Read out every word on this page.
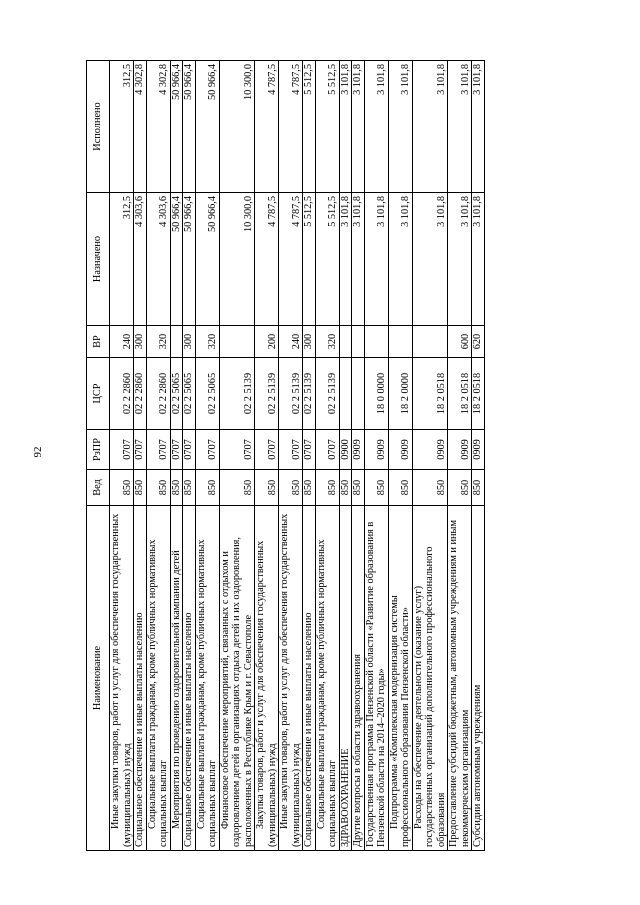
92
Наименование	Вед	РзПР	ЦСР	ВР	Назначено	Исполнено
Иные закупки товаров, работ и услуг для обеспечения государственных (муниципальных) нужд	850	0707	02 2 2860	240	312,5	312,5
Социальное обеспечение и иные выплаты населению	850	0707	02 2 2860	300	4 303,6	4 302,8
Социальные выплаты гражданам, кроме публичных нормативных социальных выплат	850	0707	02 2 2860	320	4 303,6	4 302,8
Мероприятия по проведению оздоровительной кампании детей	850	0707	02 2 5065		50 966,4	50 966,4
Социальное обеспечение и иные выплаты населению	850	0707	02 2 5065	300	50 966,4	50 966,4
Социальные выплаты гражданам, кроме публичных нормативных социальных выплат	850	0707	02 2 5065	320	50 966,4	50 966,4
Финансовое обеспечение мероприятий, связанных с отдыхом и оздоровлением детей в организациях отдыха детей и их оздоровления, расположенных в Республике Крым и г. Севастополе	850	0707	02 2 5139		10 300,0	10 300,0
Закупка товаров, работ и услуг для обеспечения государственных (муниципальных) нужд	850	0707	02 2 5139	200	4 787,5	4 787,5
Иные закупки товаров, работ и услуг для обеспечения государственных (муниципальных) нужд	850	0707	02 2 5139	240	4 787,5	4 787,5
Социальное обеспечение и иные выплаты населению	850	0707	02 2 5139	300	5 512,5	5 512,5
Социальные выплаты гражданам, кроме публичных нормативных социальных выплат	850	0707	02 2 5139	320	5 512,5	5 512,5
ЗДРАВООХРАНЕНИЕ	850	0900			3 101,8	3 101,8
Другие вопросы в области здравоохранения	850	0909			3 101,8	3 101,8
Государственная программа Пензенской области «Развитие образования в Пензенской области на 2014–2020 годы»	850	0909	18 0 0000		3 101,8	3 101,8
Подпрограмма «Комплексная модернизация системы профессионального образования Пензенской области»	850	0909	18 2 0000		3 101,8	3 101,8
Расходы на обеспечение деятельности (оказание услуг) государственных организаций дополнительного профессионального образования	850	0909	18 2 0518		3 101,8	3 101,8
Предоставление субсидий бюджетным, автономным учреждениям и иным некоммерческим организациям	850	0909	18 2 0518	600	3 101,8	3 101,8
Субсидии автономным учреждениям	850	0909	18 2 0518	620	3 101,8	3 101,8
